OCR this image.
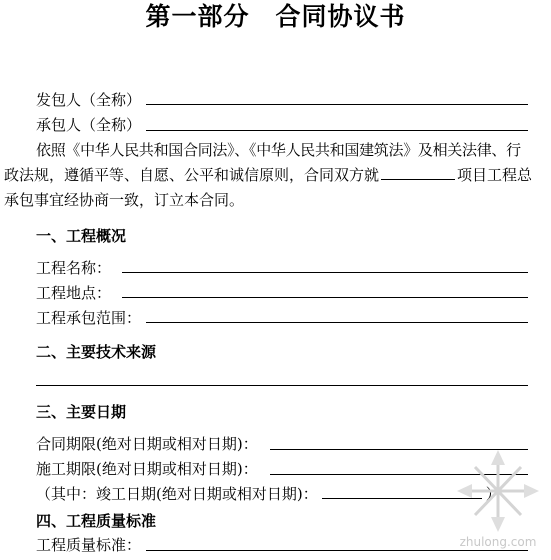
第一部分　合同协议书
发包人（全称）
承包人（全称）
依照《中华人民共和国合同法》、《中华人民共和国建筑法》及相关法律、行
政法规，遵循平等、自愿、公平和诚信原则，合同双方就	项目工程总
承包事宜经协商一致，订立本合同。
一、工程概况
工程名称：
工程地点：
工程承包范围：
二、主要技术来源
三、主要日期
合同期限(绝对日期或相对日期)：
施工期限(绝对日期或相对日期)：
（其中：竣工日期(绝对日期或相对日期)：	）
四、工程质量标准
工程质量标准：	zhulong.com
